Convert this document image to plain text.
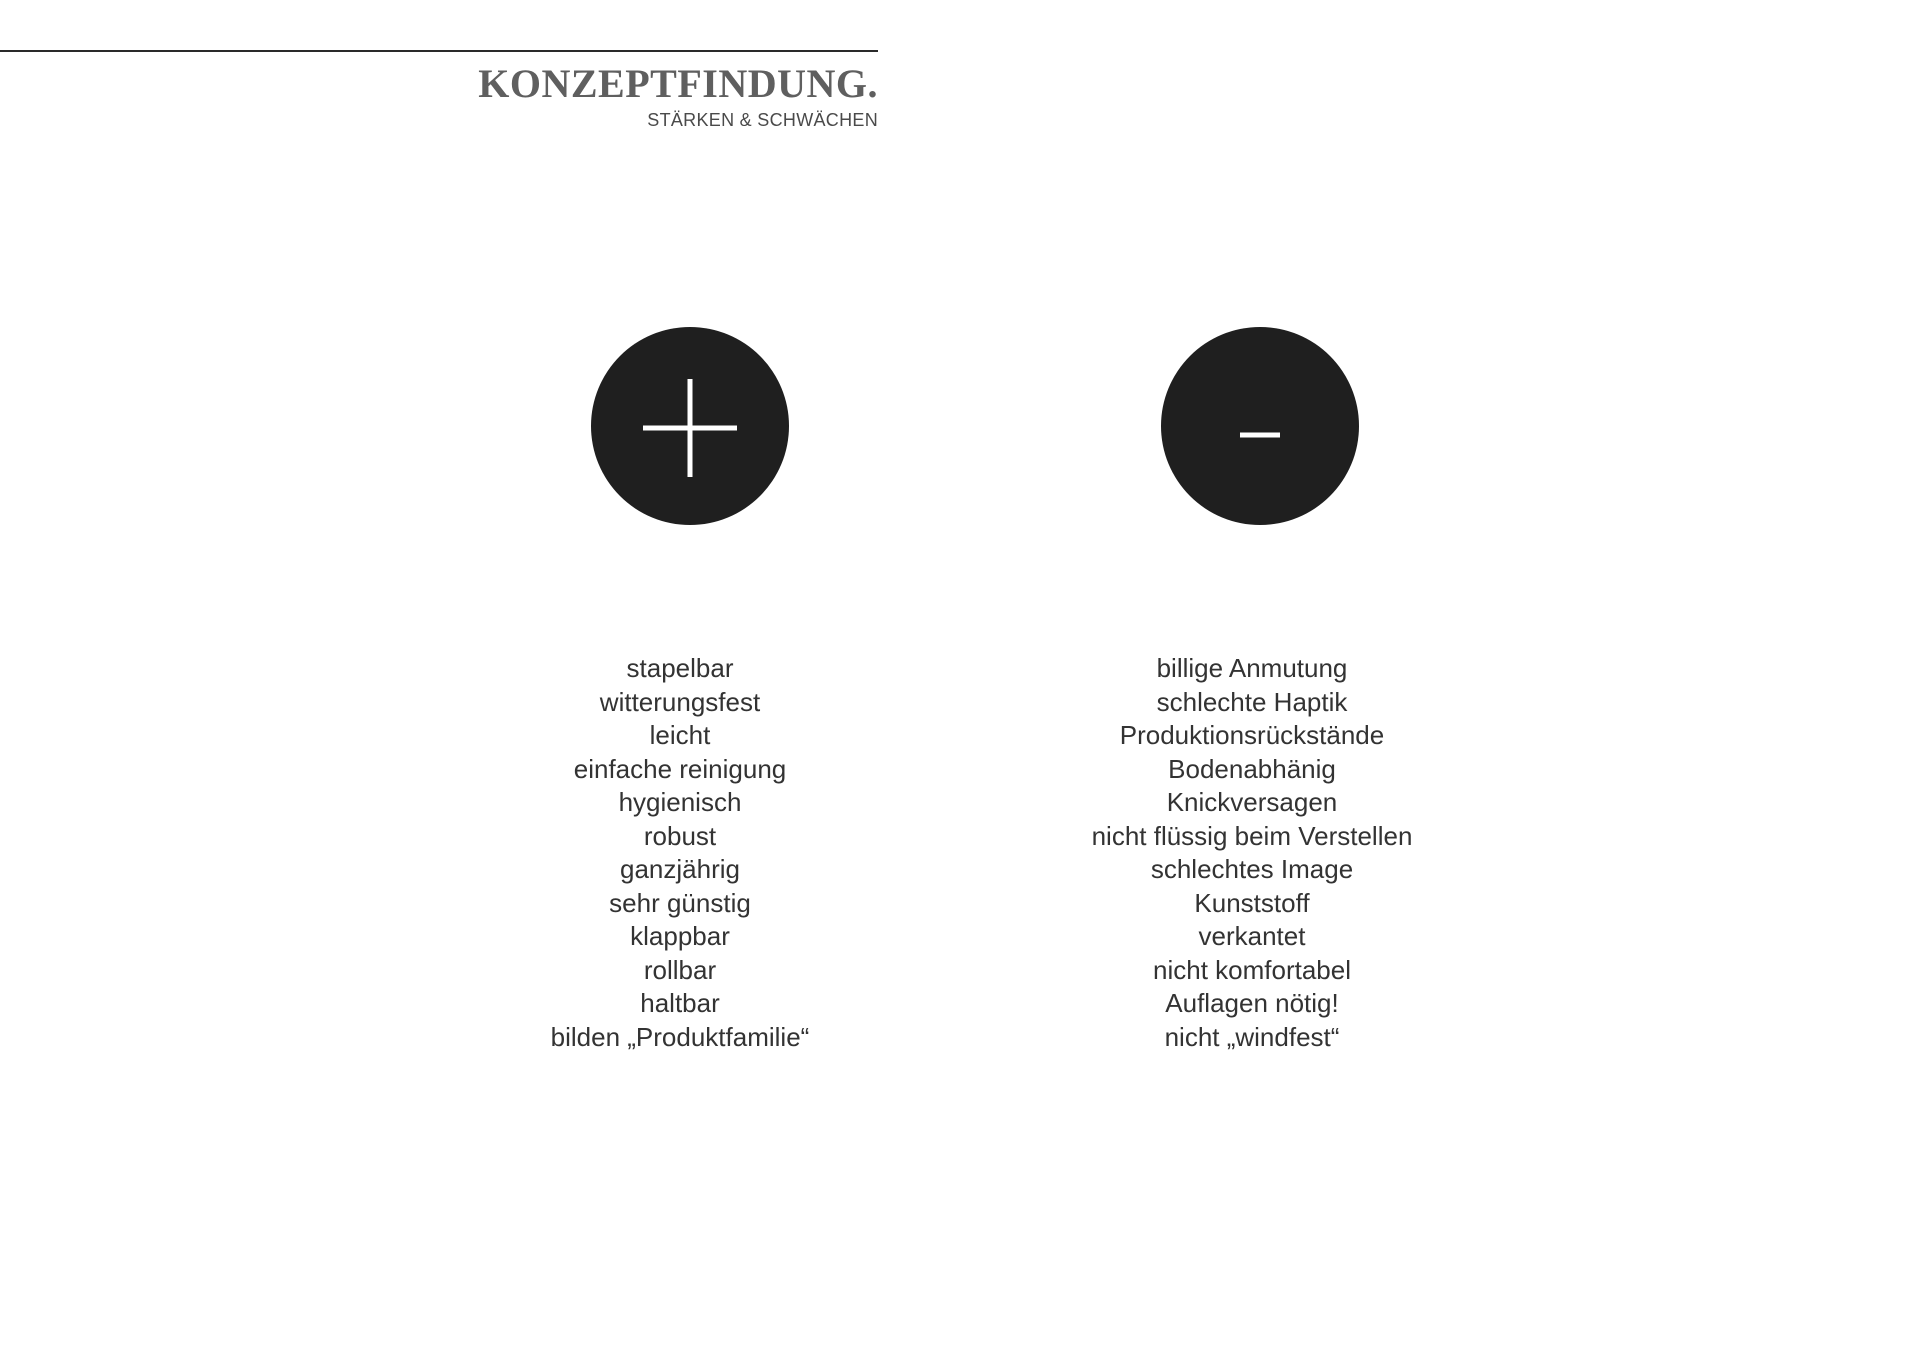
KONZEPTFINDUNG.
STÄRKEN & SCHWÄCHEN
stapelbar
witterungsfest
leicht
einfache reinigung
hygienisch
robust
ganzjährig
sehr günstig
klappbar
rollbar
haltbar
bilden „Produktfamilie“
billige Anmutung
schlechte Haptik
Produktionsrückstände
Bodenabhänig
Knickversagen
nicht flüssig beim Verstellen
schlechtes Image
Kunststoff
verkantet
nicht komfortabel
Auflagen nötig!
nicht „windfest“
